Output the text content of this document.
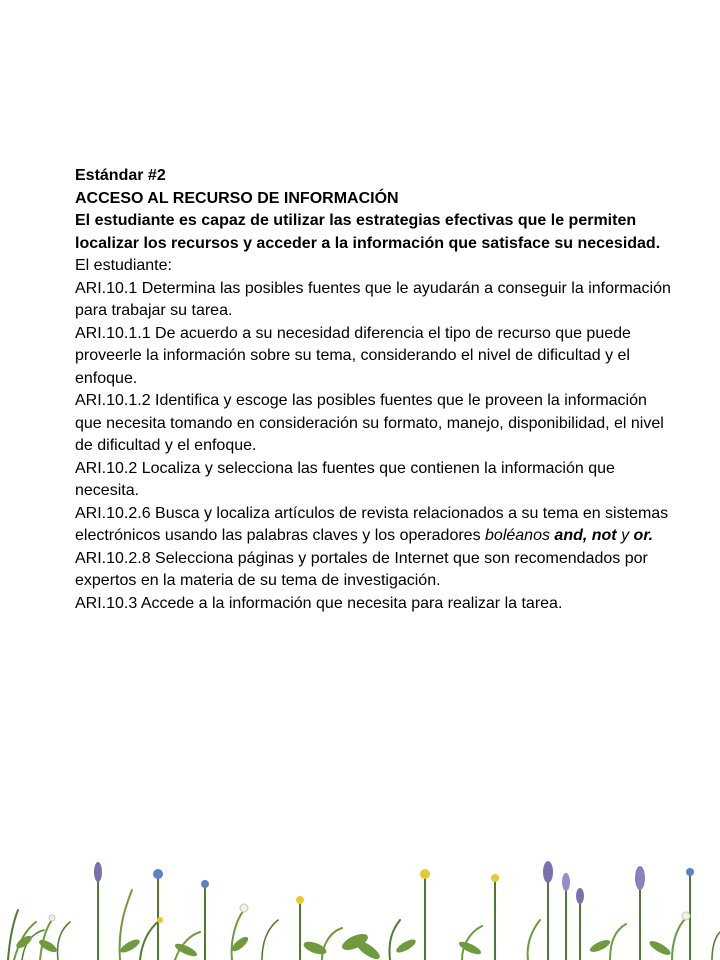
Estándar #2

ACCESO AL RECURSO DE INFORMACIÓN

El estudiante es capaz de utilizar las estrategias efectivas que le permiten

localizar los recursos y acceder a la información que satisface su necesidad.

El estudiante:

ARI.10.1 Determina las posibles fuentes que le ayudarán a conseguir la información para trabajar su tarea.

ARI.10.1.1 De acuerdo a su necesidad diferencia el tipo de recurso que puede proveerle la información sobre su tema, considerando el nivel de dificultad y el enfoque.

ARI.10.1.2 Identifica y escoge las posibles fuentes que le proveen la información que necesita tomando en consideración su formato, manejo, disponibilidad, el nivel de dificultad y el enfoque.

ARI.10.2 Localiza y selecciona las fuentes que contienen la información que necesita.

ARI.10.2.6 Busca y localiza artículos de revista relacionados a su tema en sistemas electrónicos usando las palabras claves y los operadores boléanos and, not y or.

ARI.10.2.8 Selecciona páginas y portales de Internet que son recomendados por expertos en la materia de su tema de investigación.

ARI.10.3 Accede a la información que necesita para realizar la tarea.
